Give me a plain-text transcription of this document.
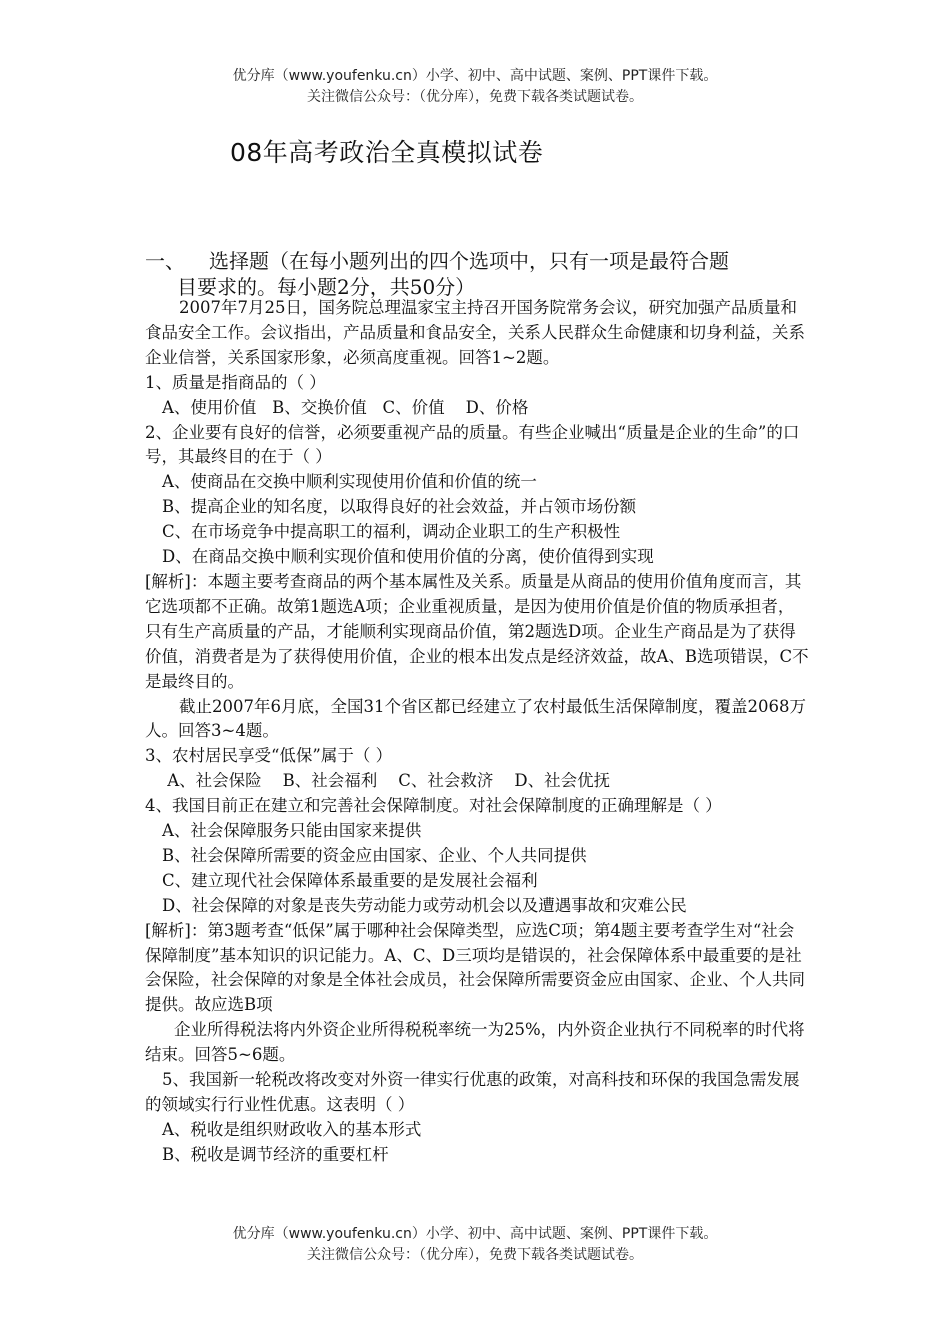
优分库（www.youfenku.cn）小学、初中、高中试题、案例、PPT课件下载。
关注微信公众号：（优分库），免费下载各类试题试卷。
08年高考政治全真模拟试卷
一、 选择题（在每小题列出的四个选项中，只有一项是最符合题
目要求的。每小题2分，共50分）

2007年7月25日，国务院总理温家宝主持召开国务院常务会议，研究加强产品质量和食品安全工作。会议指出，产品质量和食品安全，关系人民群众生命健康和切身利益，关系企业信誉，关系国家形象，必须高度重视。回答1~2题。

1、质量是指商品的（ ）

A、使用价值   B、交换价值   C、价值    D、价格

2、企业要有良好的信誉，必须要重视产品的质量。有些企业喊出“质量是企业的生命”的口号，其最终目的在于（ ）

A、使商品在交换中顺利实现使用价值和价值的统一

B、提高企业的知名度，以取得良好的社会效益，并占领市场份额

C、在市场竞争中提高职工的福利，调动企业职工的生产积极性

D、在商品交换中顺利实现价值和使用价值的分离，使价值得到实现

[解析]：本题主要考查商品的两个基本属性及关系。质量是从商品的使用价值角度而言，其它选项都不正确。故第1题选A项；企业重视质量，是因为使用价值是价值的物质承担者，只有生产高质量的产品，才能顺利实现商品价值，第2题选D项。企业生产商品是为了获得价值，消费者是为了获得使用价值，企业的根本出发点是经济效益，故A、B选项错误，C不是最终目的。

截止2007年6月底，全国31个省区都已经建立了农村最低生活保障制度，覆盖2068万人。回答3~4题。

3、农村居民享受“低保”属于（ ）

A、社会保险    B、社会福利    C、社会救济    D、社会优抚

4、我国目前正在建立和完善社会保障制度。对社会保障制度的正确理解是（ ）

A、社会保障服务只能由国家来提供

B、社会保障所需要的资金应由国家、企业、个人共同提供

C、建立现代社会保障体系最重要的是发展社会福利

D、社会保障的对象是丧失劳动能力或劳动机会以及遭遇事故和灾难公民

[解析]：第3题考查“低保”属于哪种社会保障类型，应选C项；第4题主要考查学生对“社会保障制度”基本知识的识记能力。A、C、D三项均是错误的，社会保障体系中最重要的是社会保险，社会保障的对象是全体社会成员，社会保障所需要资金应由国家、企业、个人共同提供。故应选B项

企业所得税法将内外资企业所得税税率统一为25%，内外资企业执行不同税率的时代将结束。回答5~6题。

5、我国新一轮税改将改变对外资一律实行优惠的政策，对高科技和环保的我国急需发展的领域实行行业性优惠。这表明（ ）

A、税收是组织财政收入的基本形式

B、税收是调节经济的重要杠杆

优分库（www.youfenku.cn）小学、初中、高中试题、案例、PPT课件下载。
关注微信公众号：（优分库），免费下载各类试题试卷。
